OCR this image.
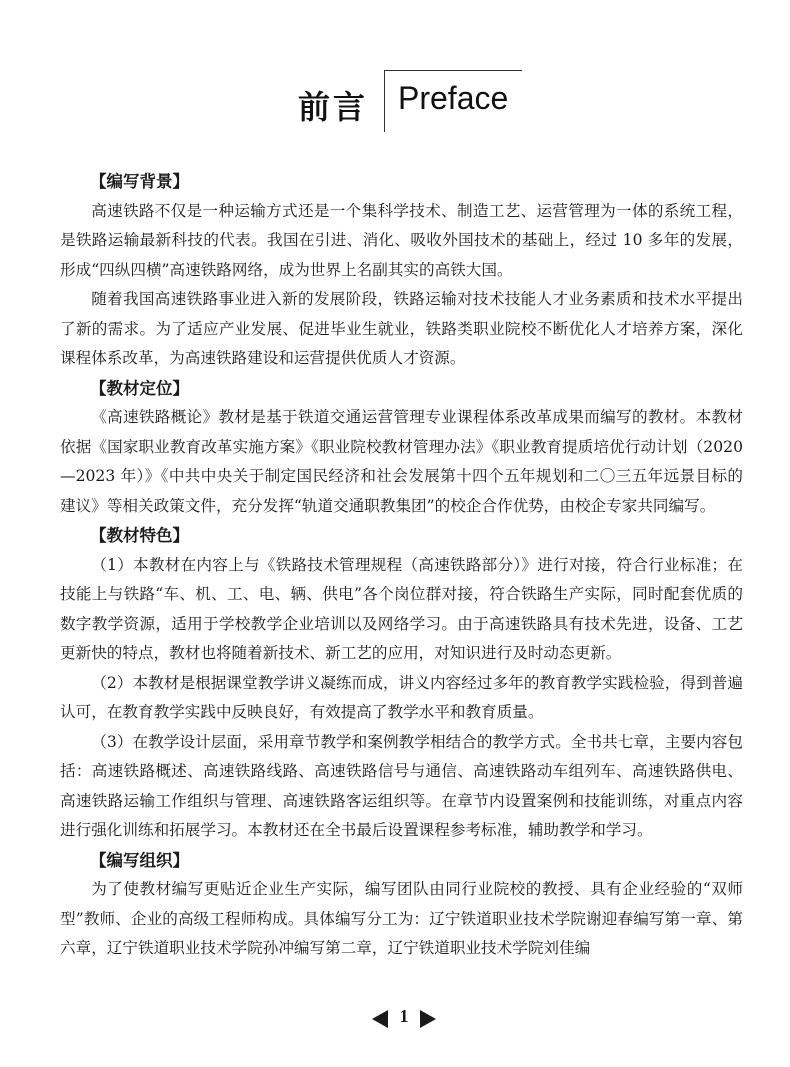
前言 Preface
【编写背景】

高速铁路不仅是一种运输方式还是一个集科学技术、制造工艺、运营管理为一体的系统工程，是铁路运输最新科技的代表。我国在引进、消化、吸收外国技术的基础上，经过 10 多年的发展，形成“四纵四横”高速铁路网络，成为世界上名副其实的高铁大国。

随着我国高速铁路事业进入新的发展阶段，铁路运输对技术技能人才业务素质和技术水平提出了新的需求。为了适应产业发展、促进毕业生就业，铁路类职业院校不断优化人才培养方案，深化课程体系改革，为高速铁路建设和运营提供优质人才资源。

【教材定位】

《高速铁路概论》教材是基于铁道交通运营管理专业课程体系改革成果而编写的教材。本教材依据《国家职业教育改革实施方案》《职业院校教材管理办法》《职业教育提质培优行动计划（2020—2023 年）》《中共中央关于制定国民经济和社会发展第十四个五年规划和二〇三五年远景目标的建议》等相关政策文件，充分发挥“轨道交通职教集团”的校企合作优势，由校企专家共同编写。

【教材特色】

（1）本教材在内容上与《铁路技术管理规程（高速铁路部分）》进行对接，符合行业标准；在技能上与铁路“车、机、工、电、辆、供电”各个岗位群对接，符合铁路生产实际，同时配套优质的数字教学资源，适用于学校教学企业培训以及网络学习。由于高速铁路具有技术先进，设备、工艺更新快的特点，教材也将随着新技术、新工艺的应用，对知识进行及时动态更新。

（2）本教材是根据课堂教学讲义凝练而成，讲义内容经过多年的教育教学实践检验，得到普遍认可，在教育教学实践中反映良好，有效提高了教学水平和教育质量。

（3）在教学设计层面，采用章节教学和案例教学相结合的教学方式。全书共七章，主要内容包括：高速铁路概述、高速铁路线路、高速铁路信号与通信、高速铁路动车组列车、高速铁路供电、高速铁路运输工作组织与管理、高速铁路客运组织等。在章节内设置案例和技能训练，对重点内容进行强化训练和拓展学习。本教材还在全书最后设置课程参考标准，辅助教学和学习。

【编写组织】

为了使教材编写更贴近企业生产实际，编写团队由同行业院校的教授、具有企业经验的“双师型”教师、企业的高级工程师构成。具体编写分工为：辽宁铁道职业技术学院谢迎春编写第一章、第六章，辽宁铁道职业技术学院孙冲编写第二章，辽宁铁道职业技术学院刘佳编

1
